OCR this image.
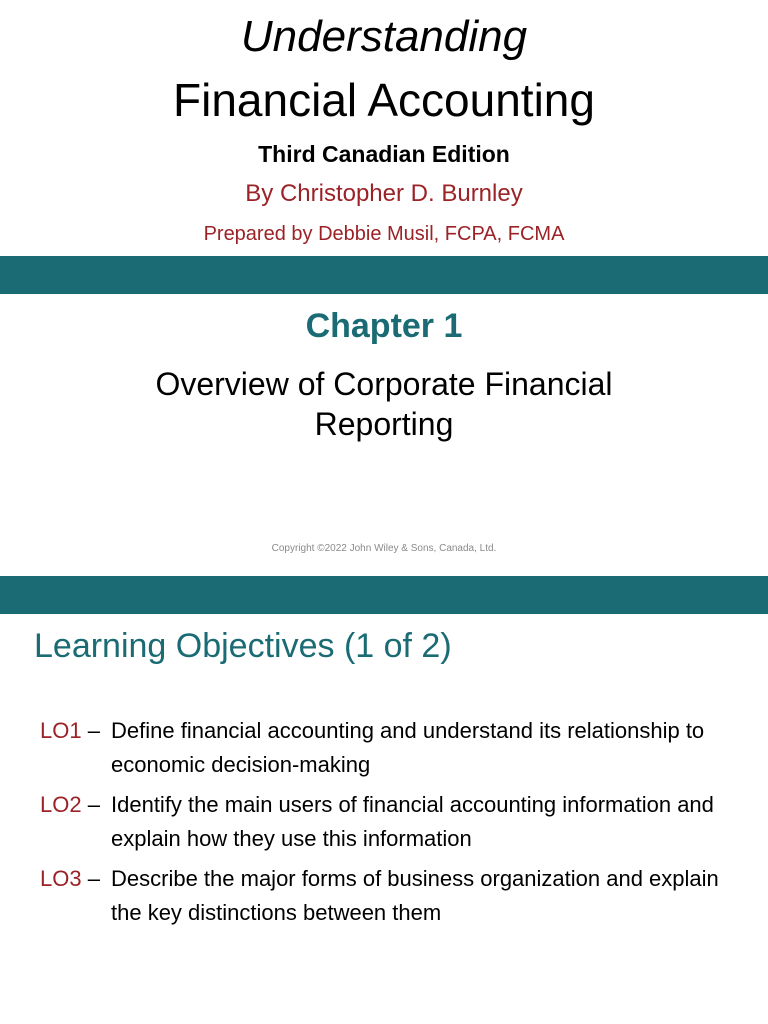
Understanding
Financial Accounting
Third Canadian Edition
By Christopher D. Burnley
Prepared by Debbie Musil, FCPA, FCMA
Chapter 1
Overview of Corporate Financial Reporting
Copyright ©2022 John Wiley & Sons, Canada, Ltd.
Learning Objectives (1 of 2)
LO1 – Define financial accounting and understand its relationship to economic decision-making
LO2 – Identify the main users of financial accounting information and explain how they use this information
LO3 – Describe the major forms of business organization and explain the key distinctions between them
